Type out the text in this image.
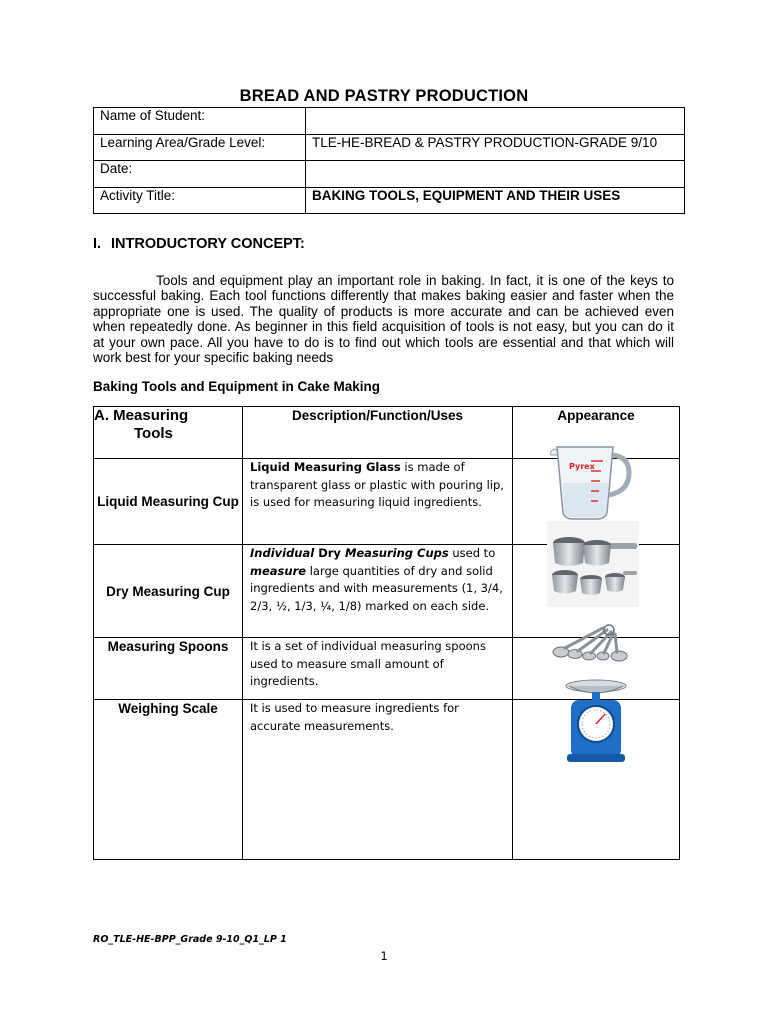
BREAD AND PASTRY PRODUCTION
Name of Student:	
Learning Area/Grade Level:	TLE-HE-BREAD & PASTRY PRODUCTION-GRADE 9/10
Date:	
Activity Title:	BAKING TOOLS, EQUIPMENT AND THEIR USES
I. INTRODUCTORY CONCEPT:

Tools and equipment play an important role in baking. In fact, it is one of the keys to successful baking. Each tool functions differently that makes baking easier and faster when the appropriate one is used. The quality of products is more accurate and can be achieved even when repeatedly done. As beginner in this field acquisition of tools is not easy, but you can do it at your own pace. All you have to do is to find out which tools are essential and that which will work best for your specific baking needs

Baking Tools and Equipment in Cake Making
A. Measuring
Tools	Description/Function/Uses	Appearance
Liquid Measuring Cup	Liquid Measuring Glass is made of transparent glass or plastic with pouring lip, is used for measuring liquid ingredients.	Pyrex

Dry Measuring Cup	Individual Dry Measuring Cups used to measure large quantities of dry and solid ingredients and with measurements (1, 3/4, 2/3, ½, 1/3, ¼, 1/8) marked on each side.	

Measuring Spoons	It is a set of individual measuring spoons used to measure small amount of ingredients.	

Weighing Scale	It is used to measure ingredients for accurate measurements.	
RO_TLE-HE-BPP_Grade 9-10_Q1_LP 1
1
